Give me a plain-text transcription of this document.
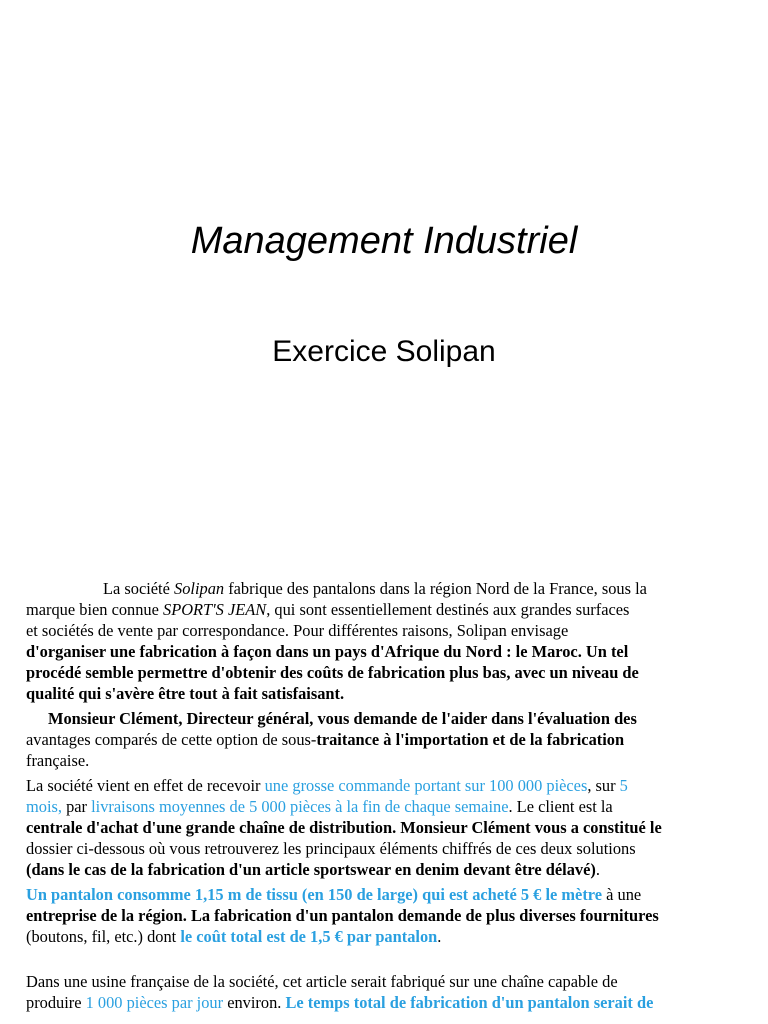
Management Industriel
Exercice Solipan
La société Solipan fabrique des pantalons dans la région Nord de la France, sous la
marque bien connue SPORT'S JEAN, qui sont essentiellement destinés aux grandes surfaces
et sociétés de vente par correspondance. Pour différentes raisons, Solipan envisage
d'organiser une fabrication à façon dans un pays d'Afrique du Nord : le Maroc. Un tel
procédé semble permettre d'obtenir des coûts de fabrication plus bas, avec un niveau de
qualité qui s'avère être tout à fait satisfaisant.
Monsieur Clément, Directeur général, vous demande de l'aider dans l'évaluation des
avantages comparés de cette option de sous-traitance à l'importation et de la fabrication
française.
La société vient en effet de recevoir une grosse commande portant sur 100 000 pièces, sur 5
mois, par livraisons moyennes de 5 000 pièces à la fin de chaque semaine. Le client est la
centrale d'achat d'une grande chaîne de distribution. Monsieur Clément vous a constitué le
dossier ci-dessous où vous retrouverez les principaux éléments chiffrés de ces deux solutions
(dans le cas de la fabrication d'un article sportswear en denim devant être délavé).
Un pantalon consomme 1,15 m de tissu (en 150 de large) qui est acheté 5 € le mètre à une
entreprise de la région. La fabrication d'un pantalon demande de plus diverses fournitures
(boutons, fil, etc.) dont le coût total est de 1,5 € par pantalon.
Dans une usine française de la société, cet article serait fabriqué sur une chaîne capable de
produire 1 000 pièces par jour environ. Le temps total de fabrication d'un pantalon serait de
